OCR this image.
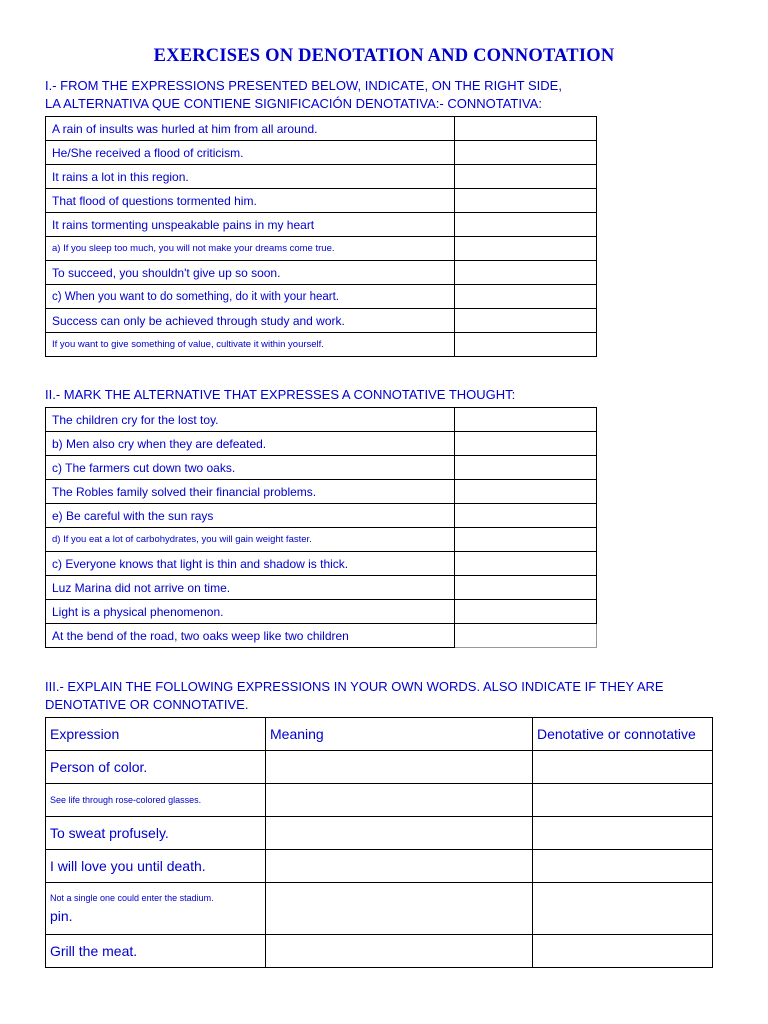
EXERCISES ON DENOTATION AND CONNOTATION
I.- FROM THE EXPRESSIONS PRESENTED BELOW, INDICATE, ON THE RIGHT SIDE,
LA ALTERNATIVA QUE CONTIENE SIGNIFICACIÓN DENOTATIVA:- CONNOTATIVA:
A rain of insults was hurled at him from all around.	
He/She received a flood of criticism.	
It rains a lot in this region.	
That flood of questions tormented him.	
It rains tormenting unspeakable pains in my heart	
a) If you sleep too much, you will not make your dreams come true.	
To succeed, you shouldn't give up so soon.	
c) When you want to do something, do it with your heart.	
Success can only be achieved through study and work.	
If you want to give something of value, cultivate it within yourself.	
II.- MARK THE ALTERNATIVE THAT EXPRESSES A CONNOTATIVE THOUGHT:
The children cry for the lost toy.	
b) Men also cry when they are defeated.	
c) The farmers cut down two oaks.	
The Robles family solved their financial problems.	
e) Be careful with the sun rays	
d) If you eat a lot of carbohydrates, you will gain weight faster.	
c) Everyone knows that light is thin and shadow is thick.	
Luz Marina did not arrive on time.	
Light is a physical phenomenon.	
At the bend of the road, two oaks weep like two children	
III.- EXPLAIN THE FOLLOWING EXPRESSIONS IN YOUR OWN WORDS. ALSO INDICATE IF THEY ARE
DENOTATIVE OR CONNOTATIVE.
Expression	Meaning	Denotative or connotative
Person of color.		
See life through rose-colored glasses.		
To sweat profusely.		
I will love you until death.		

Not a single one could enter the stadium.
pin.		

Grill the meat.		
